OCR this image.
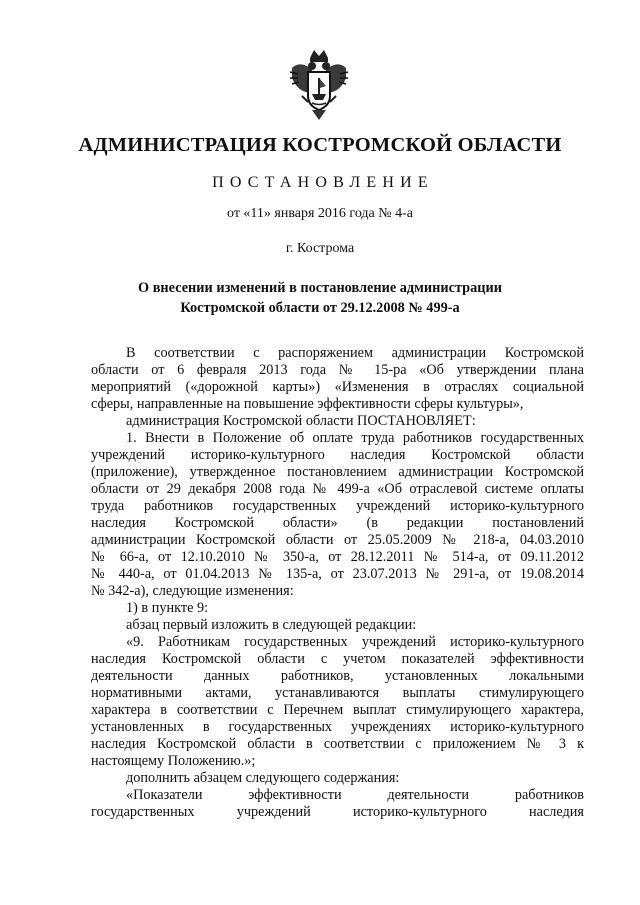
АДМИНИСТРАЦИЯ КОСТРОМСКОЙ ОБЛАСТИ
ПОСТАНОВЛЕНИЕ
от «11» января 2016 года № 4-а
г. Кострома
О внесении изменений в постановление администрации
Костромской области от 29.12.2008 № 499-а
В соответствии с распоряжением администрации Костромской
области от 6 февраля 2013 года № 15-ра «Об утверждении плана
мероприятий («дорожной карты») «Изменения в отраслях социальной
сферы, направленные на повышение эффективности сферы культуры»,
администрация Костромской области ПОСТАНОВЛЯЕТ:
1. Внести в Положение об оплате труда работников государственных
учреждений историко-культурного наследия Костромской области
(приложение), утвержденное постановлением администрации Костромской
области от 29 декабря 2008 года № 499-а «Об отраслевой системе оплаты
труда работников государственных учреждений историко-культурного
наследия Костромской области» (в редакции постановлений
администрации Костромской области от 25.05.2009 № 218-а, 04.03.2010
№ 66-а, от 12.10.2010 № 350-а, от 28.12.2011 № 514-а, от 09.11.2012
№ 440-а, от 01.04.2013 № 135-а, от 23.07.2013 № 291-а, от 19.08.2014
№ 342-а), следующие изменения:
1) в пункте 9:
абзац первый изложить в следующей редакции:
«9. Работникам государственных учреждений историко-культурного
наследия Костромской области с учетом показателей эффективности
деятельности данных работников, установленных локальными
нормативными актами, устанавливаются выплаты стимулирующего
характера в соответствии с Перечнем выплат стимулирующего характера,
установленных в государственных учреждениях историко-культурного
наследия Костромской области в соответствии с приложением № 3 к
настоящему Положению.»;
дополнить абзацем следующего содержания:
«Показатели эффективности деятельности работников
государственных учреждений историко-культурного наследия
